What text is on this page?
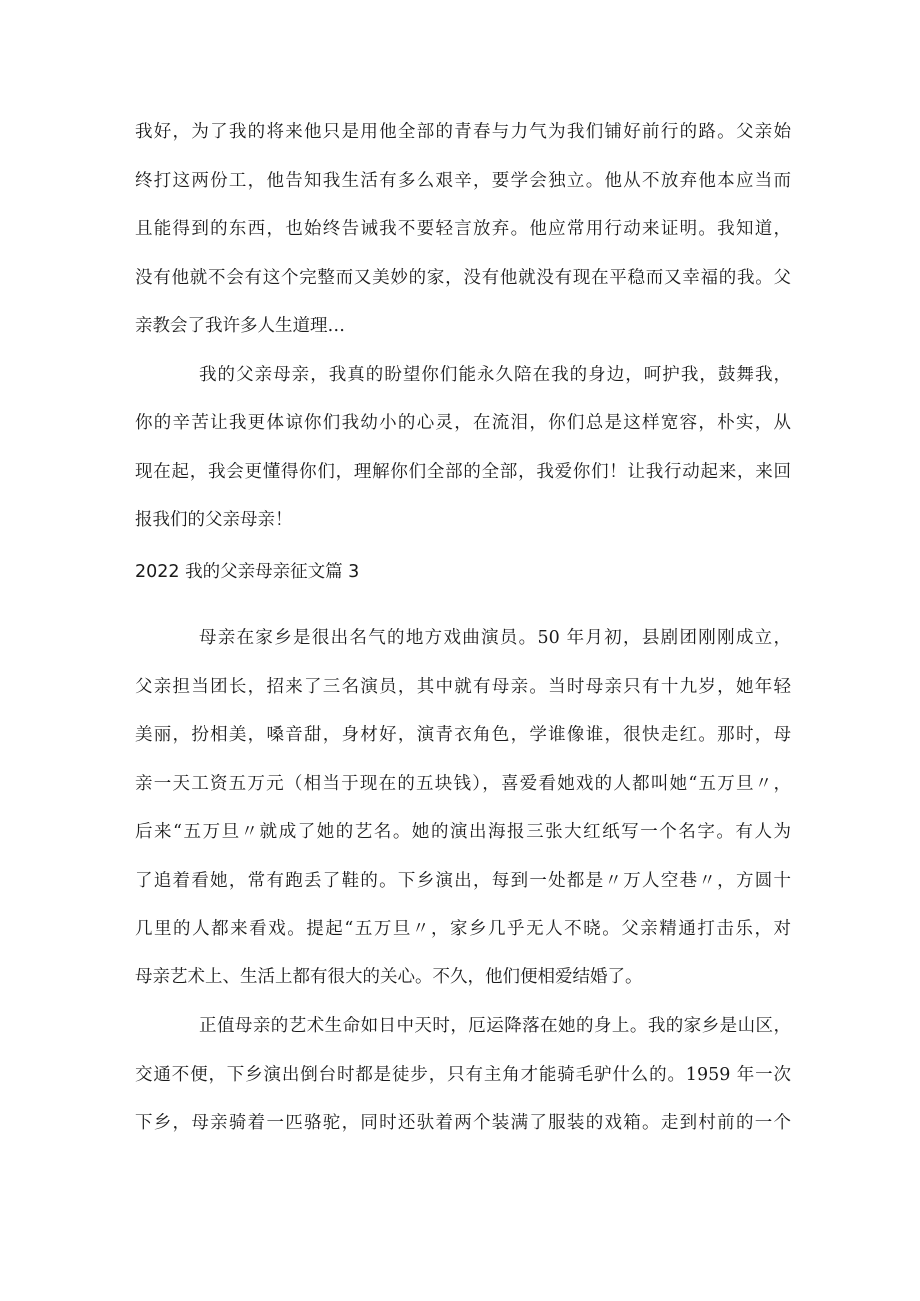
我好，为了我的将来他只是用他全部的青春与力气为我们铺好前行的路。父亲始
终打这两份工，他告知我生活有多么艰辛，要学会独立。他从不放弃他本应当而
且能得到的东西，也始终告诫我不要轻言放弃。他应常用行动来证明。我知道，
没有他就不会有这个完整而又美妙的家，没有他就没有现在平稳而又幸福的我。父
亲教会了我许多人生道理…
我的父亲母亲，我真的盼望你们能永久陪在我的身边，呵护我，鼓舞我，
你的辛苦让我更体谅你们我幼小的心灵，在流泪，你们总是这样宽容，朴实，从
现在起，我会更懂得你们，理解你们全部的全部，我爱你们！让我行动起来，来回
报我们的父亲母亲！
2022 我的父亲母亲征文篇 3
母亲在家乡是很出名气的地方戏曲演员。50 年月初，县剧团刚刚成立，
父亲担当团长，招来了三名演员，其中就有母亲。当时母亲只有十九岁，她年轻
美丽，扮相美，嗓音甜，身材好，演青衣角色，学谁像谁，很快走红。那时，母
亲一天工资五万元（相当于现在的五块钱），喜爱看她戏的人都叫她“五万旦〃，
后来“五万旦〃就成了她的艺名。她的演出海报三张大红纸写一个名字。有人为
了追着看她，常有跑丢了鞋的。下乡演出，每到一处都是〃万人空巷〃，方圆十
几里的人都来看戏。提起“五万旦〃，家乡几乎无人不晓。父亲精通打击乐，对
母亲艺术上、生活上都有很大的关心。不久，他们便相爱结婚了。
正值母亲的艺术生命如日中天时，厄运降落在她的身上。我的家乡是山区，
交通不便，下乡演出倒台时都是徒步，只有主角才能骑毛驴什么的。1959 年一次
下乡，母亲骑着一匹骆驼，同时还驮着两个装满了服装的戏箱。走到村前的一个
